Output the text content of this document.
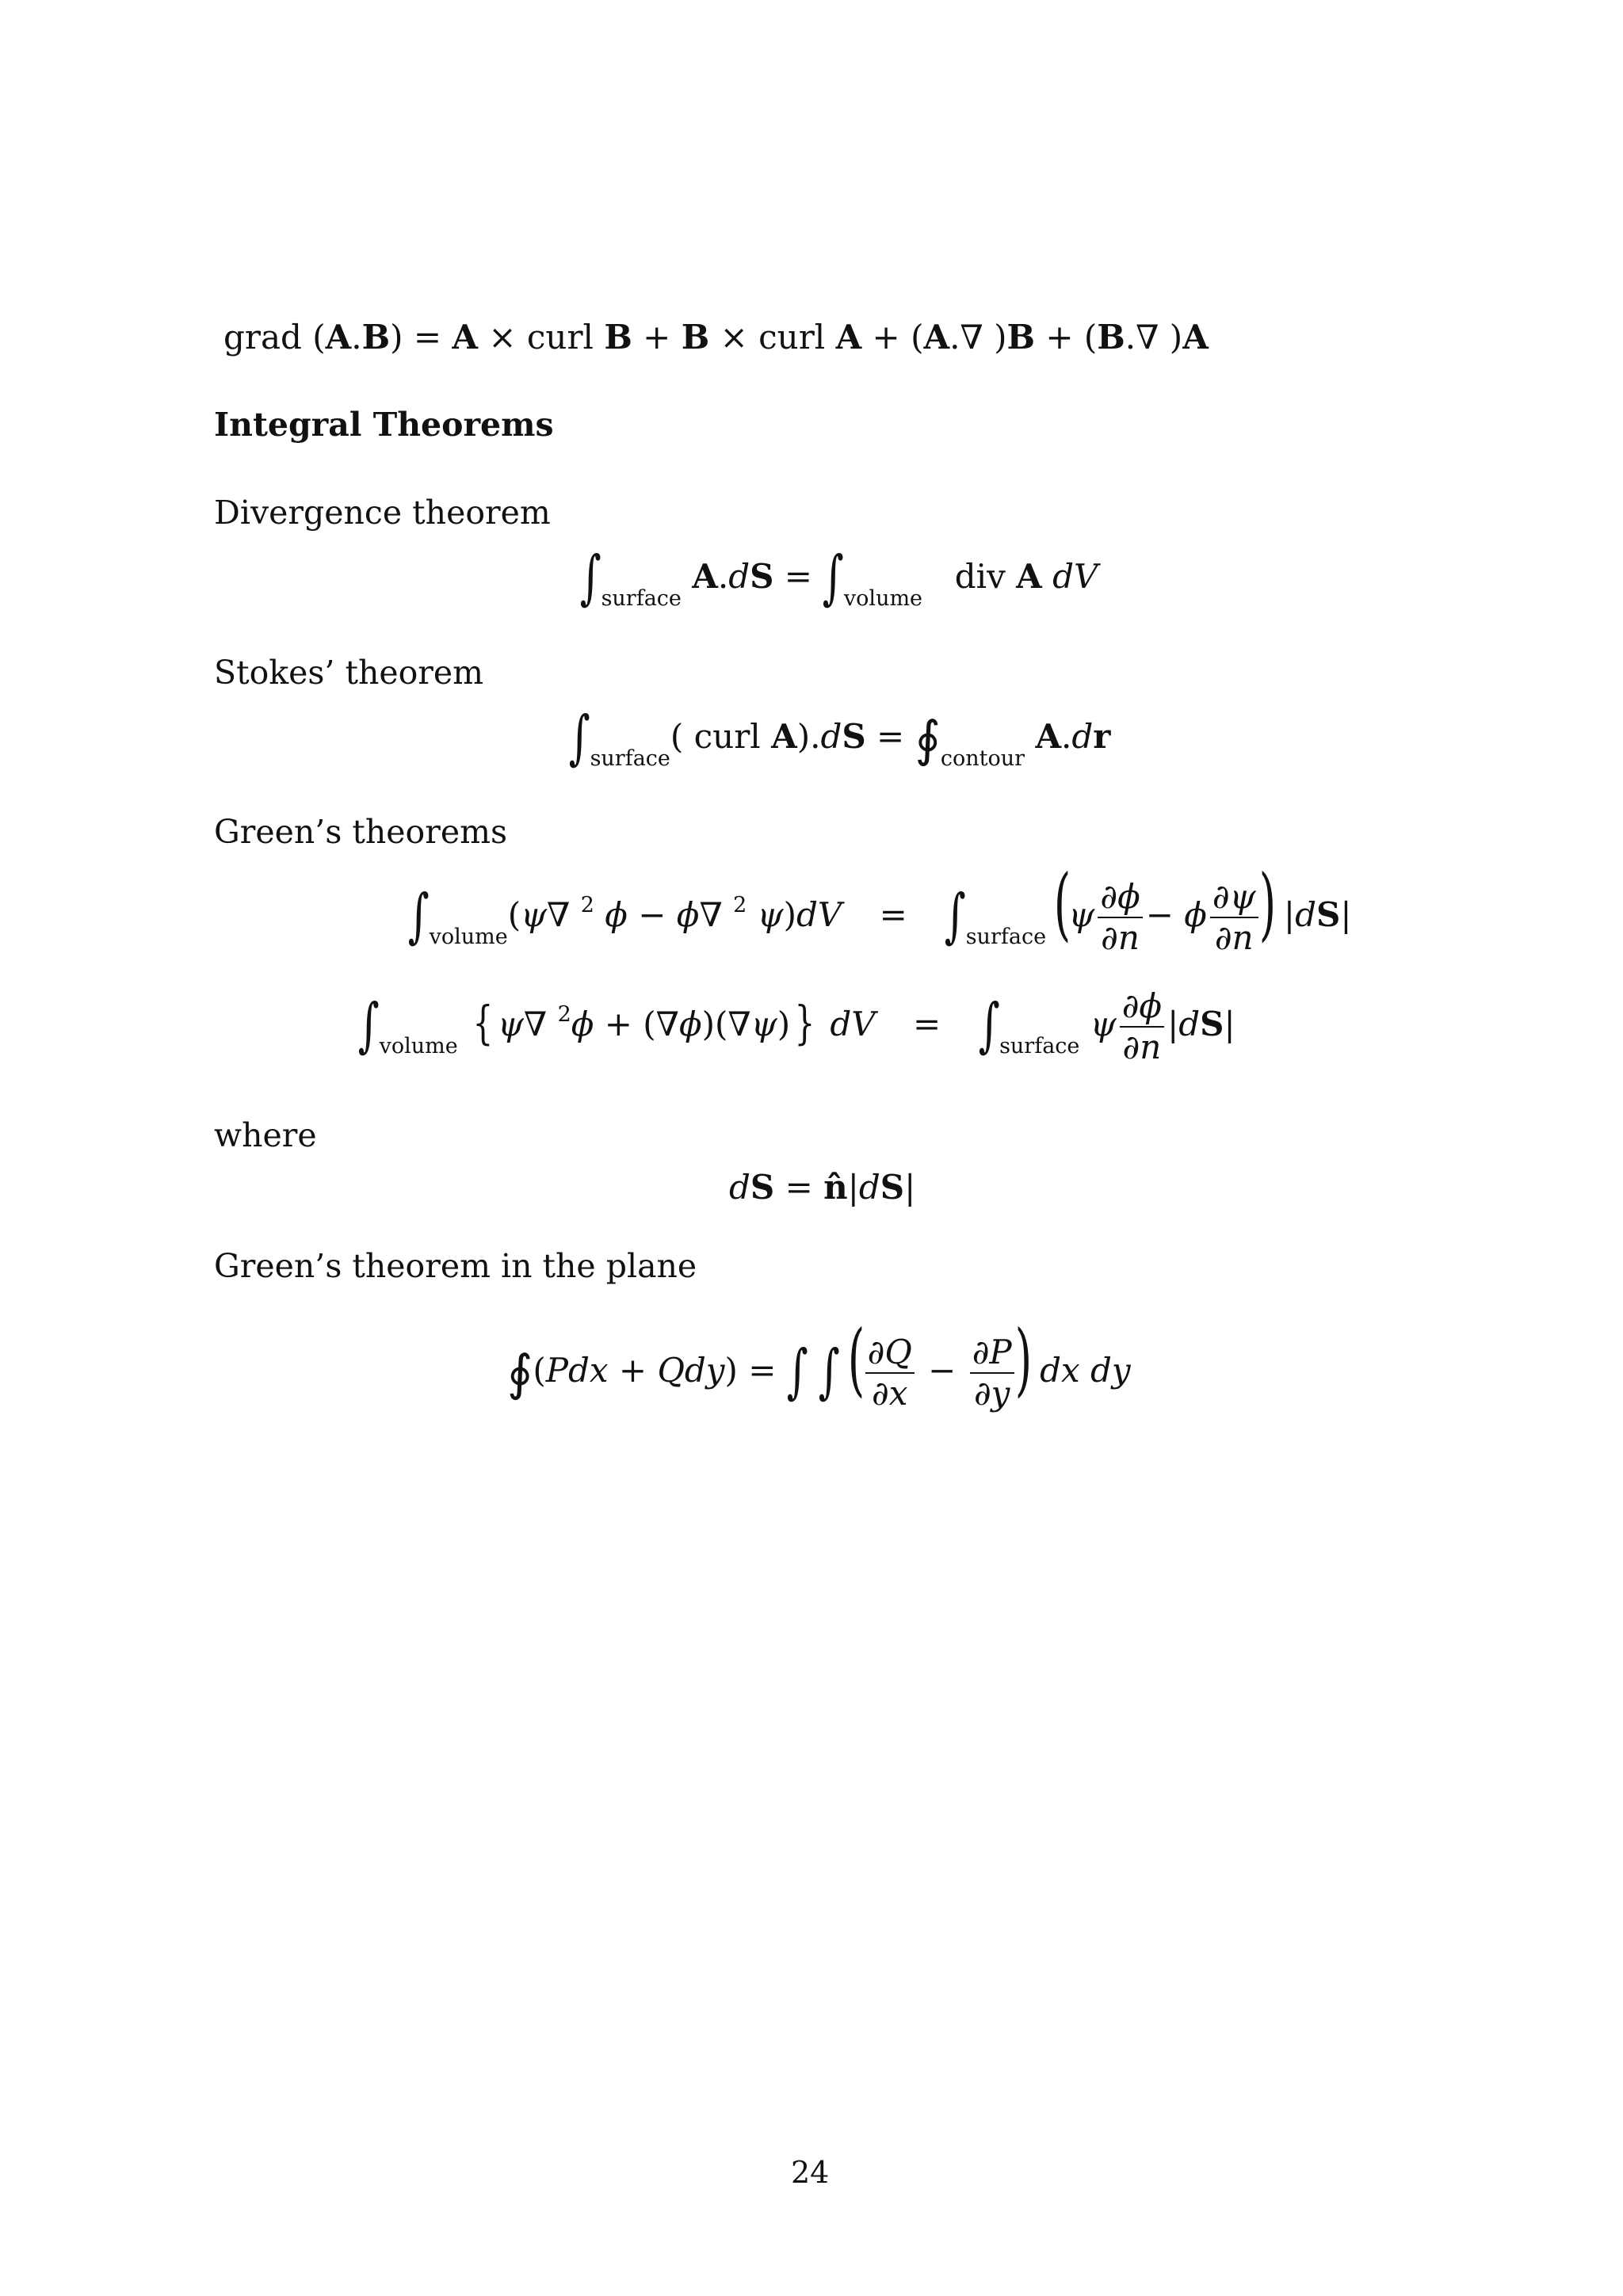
grad (A.B) = A × curl B + B × curl A + (A.∇ )B + (B.∇ )A
Integral Theorems
Divergence theorem
$\int_{surface}$ $A.dS = \int_{volume}$  div A dV
Stokes’ theorem
$\int_{surface}$( curl $A).dS = ∮_{contour}$ A.dr
Green’s theorems
$\int_{volume}(\psi\nabla$ $^2$ ϕ − ϕ∇ $^2$ $\psi)dV = \int_{surface}$ ($\psi \frac{\partial\phi}{\partial n} - \phi \frac{\partial\psi}{\partial n}$ ) |dS|
$\int_{volume}$ { ψ∇ $^2$ϕ + (∇ϕ)(∇ψ)} dV = $\int_{surface}$ ψ $\frac{\partial\phi}{\partial n} |dS|$
where
dS = n̂|dS|
Green’s theorem in the plane
∮(Pdx + Qdy) = ∫ ∫ ( $\frac{\partial Q}{\partial x} - \frac{\partial P}{\partial y}$ ) dx dy
24
